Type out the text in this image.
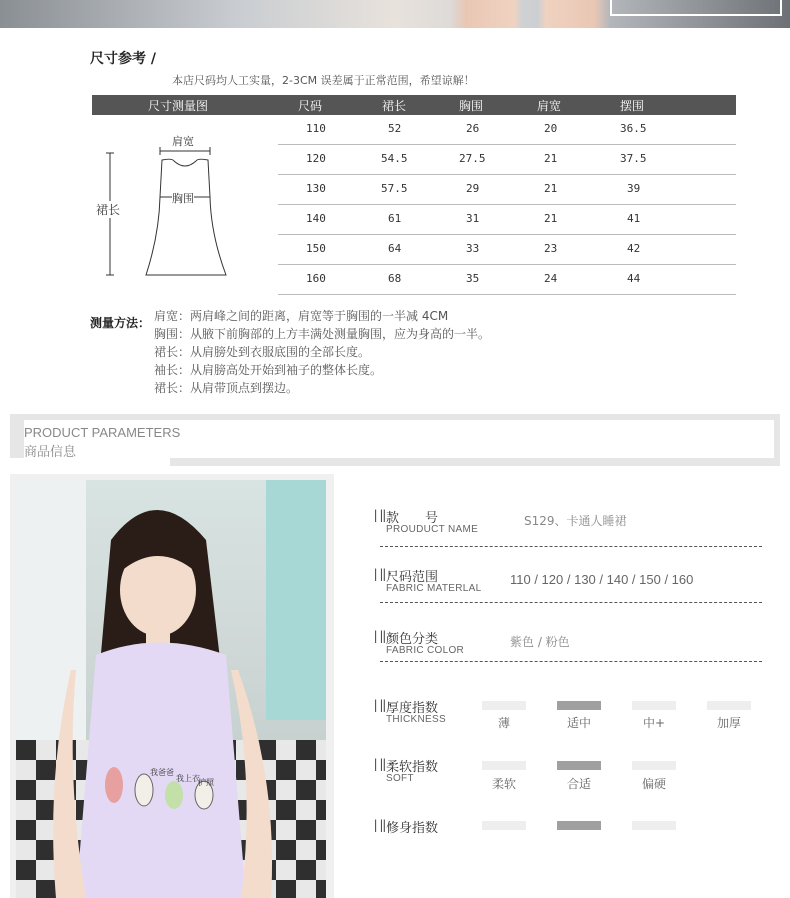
尺寸参考 /
本店尺码均人工实量，2-3CM 误差属于正常范围，希望谅解！
尺寸测量图	尺码	裙长	胸围	肩宽	摆围
110	52	26	20	36.5
120	54.5	27.5	21	37.5
130	57.5	29	21	39
140	61	31	21	41
150	64	33	23	42
160	68	35	24	44
肩宽
胸围
裙长
测量方法： 肩宽：两肩峰之间的距离，肩宽等于胸围的一半减 4CM
胸围：从腋下前胸部的上方丰满处测量胸围，应为身高的一半。
裙长：从肩膀处到衣服底围的全部长度。
袖长：从肩膀高处开始到袖子的整体长度。
裙长：从肩带顶点到摆边。
PRODUCT PARAMETERS
商品信息
我爸爸
我上衣
护照
|‖·
款　　号
PROUDUCT NAME
S129、卡通人睡裙
|‖·
尺码范围
FABRIC MATERLAL
110 / 120 / 130 / 140 / 150 / 160
|‖·
颜色分类
FABRIC COLOR
紫色 / 粉色
|‖·
厚度指数
THICKNESS	薄	适中	中+	加厚
|‖·
柔软指数
SOFT	柔软	合适	偏硬
|‖·
修身指数
